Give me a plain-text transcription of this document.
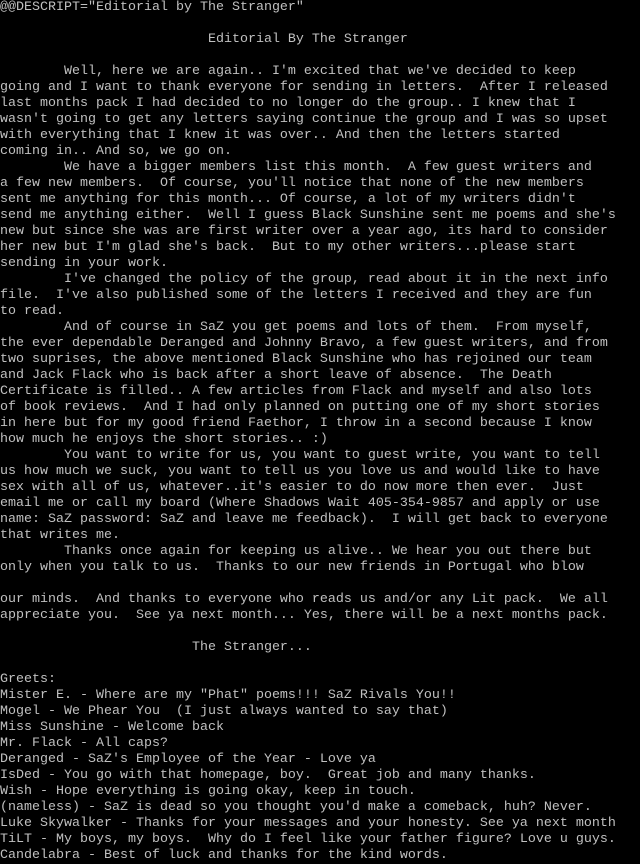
@@DESCRIPT="Editorial by The Stranger"
Editorial By The Stranger
Well, here we are again.. I'm excited that we've decided to keep
going and I want to thank everyone for sending in letters.  After I released
last months pack I had decided to no longer do the group.. I knew that I
wasn't going to get any letters saying continue the group and I was so upset
with everything that I knew it was over.. And then the letters started
coming in.. And so, we go on.
We have a bigger members list this month.  A few guest writers and
a few new members.  Of course, you'll notice that none of the new members
sent me anything for this month... Of course, a lot of my writers didn't
send me anything either.  Well I guess Black Sunshine sent me poems and she's
new but since she was are first writer over a year ago, its hard to consider
her new but I'm glad she's back.  But to my other writers...please start
sending in your work.
I've changed the policy of the group, read about it in the next info
file.  I've also published some of the letters I received and they are fun
to read.
And of course in SaZ you get poems and lots of them.  From myself,
the ever dependable Deranged and Johnny Bravo, a few guest writers, and from
two suprises, the above mentioned Black Sunshine who has rejoined our team
and Jack Flack who is back after a short leave of absence.  The Death
Certificate is filled.. A few articles from Flack and myself and also lots
of book reviews.  And I had only planned on putting one of my short stories
in here but for my good friend Faethor, I throw in a second because I know
how much he enjoys the short stories.. :)
You want to write for us, you want to guest write, you want to tell
us how much we suck, you want to tell us you love us and would like to have
sex with all of us, whatever..it's easier to do now more then ever.  Just
email me or call my board (Where Shadows Wait 405-354-9857 and apply or use
name: SaZ password: SaZ and leave me feedback).  I will get back to everyone
that writes me.
Thanks once again for keeping us alive.. We hear you out there but
only when you talk to us.  Thanks to our new friends in Portugal who blow
our minds.  And thanks to everyone who reads us and/or any Lit pack.  We all
appreciate you.  See ya next month... Yes, there will be a next months pack.
The Stranger...
Greets:
Mister E. - Where are my "Phat" poems!!! SaZ Rivals You!!
Mogel - We Phear You  (I just always wanted to say that)
Miss Sunshine - Welcome back
Mr. Flack - All caps?
Deranged - SaZ's Employee of the Year - Love ya
IsDed - You go with that homepage, boy.  Great job and many thanks.
Wish - Hope everything is going okay, keep in touch.
(nameless) - SaZ is dead so you thought you'd make a comeback, huh? Never.
Luke Skywalker - Thanks for your messages and your honesty. See ya next month
TiLT - My boys, my boys.  Why do I feel like your father figure? Love u guys.
Candelabra - Best of luck and thanks for the kind words.
